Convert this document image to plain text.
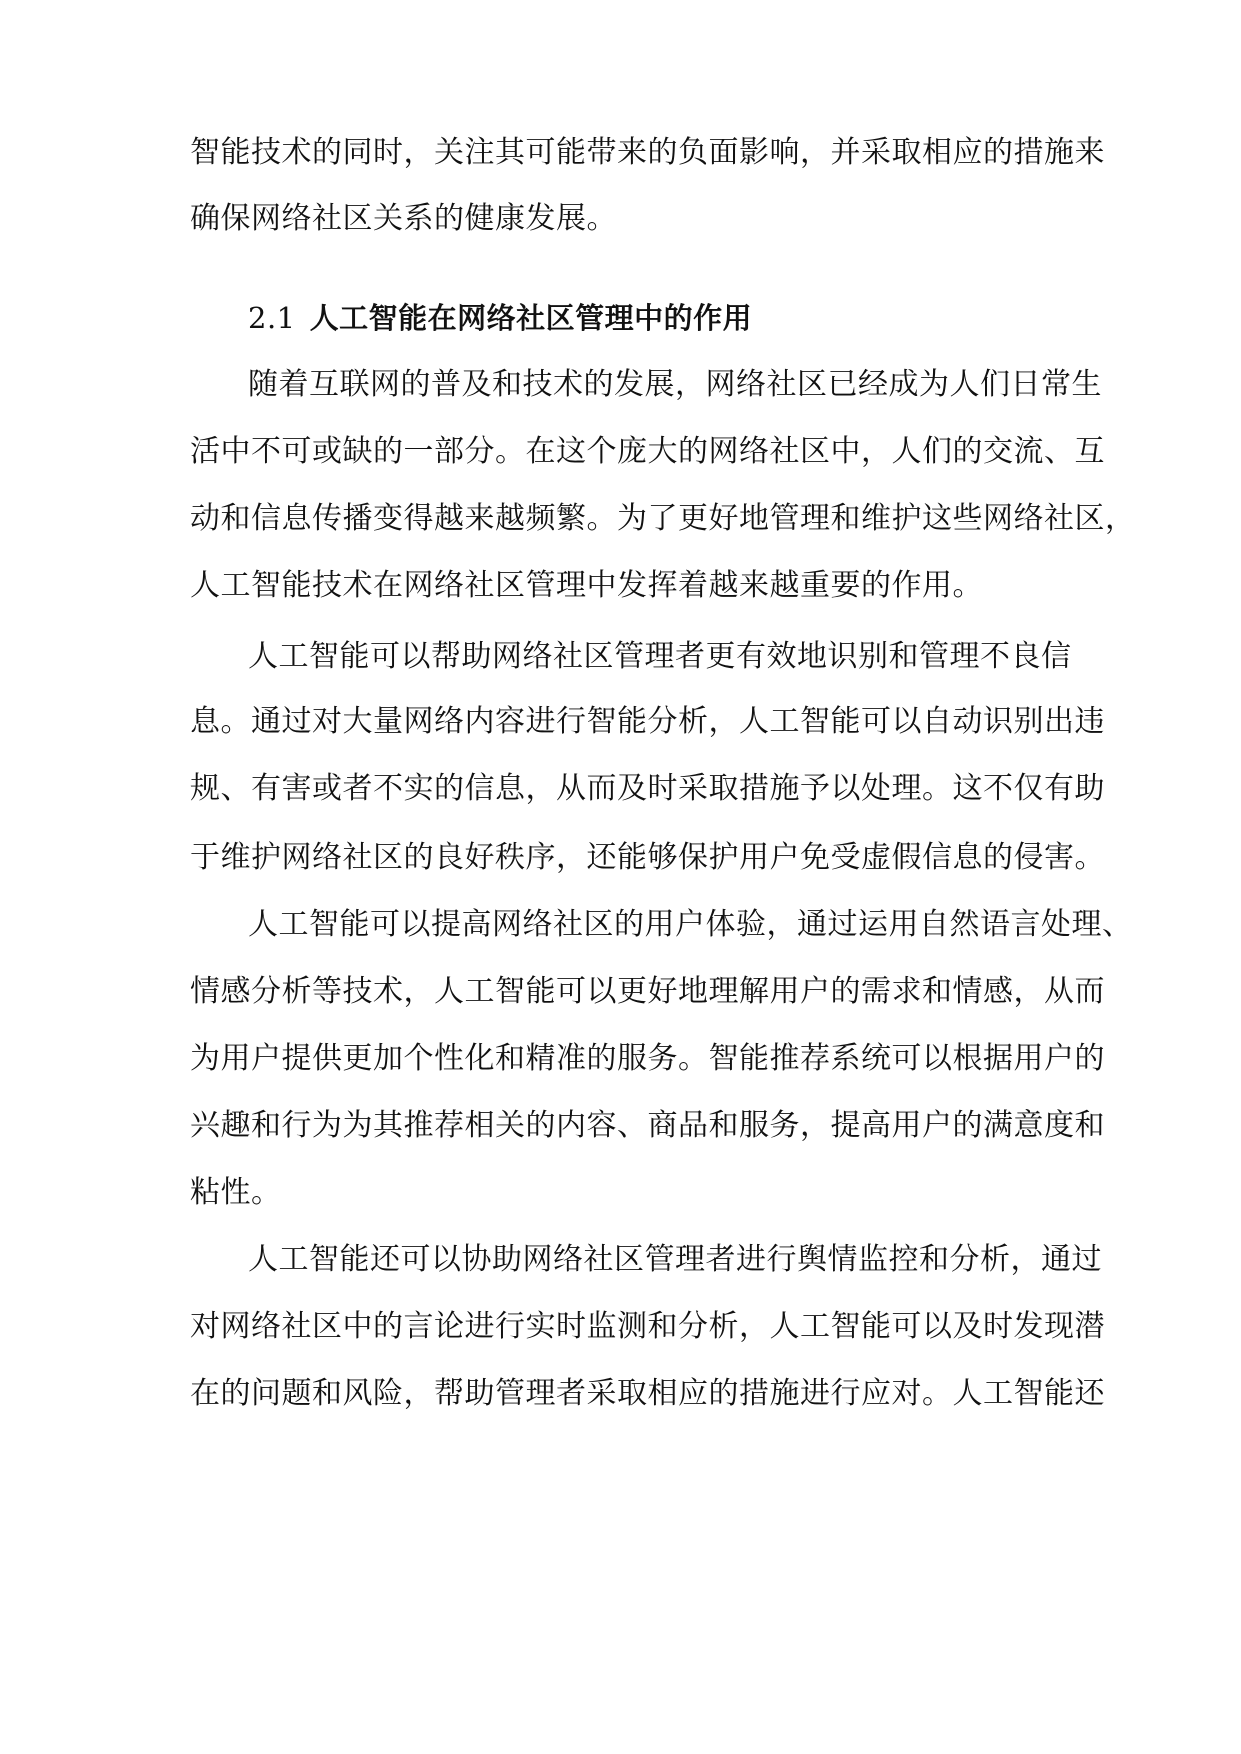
智能技术的同时，关注其可能带来的负面影响，并采取相应的措施来
确保网络社区关系的健康发展。
2.1 人工智能在网络社区管理中的作用
随着互联网的普及和技术的发展，网络社区已经成为人们日常生
活中不可或缺的一部分。在这个庞大的网络社区中，人们的交流、互
动和信息传播变得越来越频繁。为了更好地管理和维护这些网络社区，
人工智能技术在网络社区管理中发挥着越来越重要的作用。
人工智能可以帮助网络社区管理者更有效地识别和管理不良信
息。通过对大量网络内容进行智能分析，人工智能可以自动识别出违
规、有害或者不实的信息，从而及时采取措施予以处理。这不仅有助
于维护网络社区的良好秩序，还能够保护用户免受虚假信息的侵害。
人工智能可以提高网络社区的用户体验，通过运用自然语言处理、
情感分析等技术，人工智能可以更好地理解用户的需求和情感，从而
为用户提供更加个性化和精准的服务。智能推荐系统可以根据用户的
兴趣和行为为其推荐相关的内容、商品和服务，提高用户的满意度和
粘性。
人工智能还可以协助网络社区管理者进行舆情监控和分析，通过
对网络社区中的言论进行实时监测和分析，人工智能可以及时发现潜
在的问题和风险，帮助管理者采取相应的措施进行应对。人工智能还
